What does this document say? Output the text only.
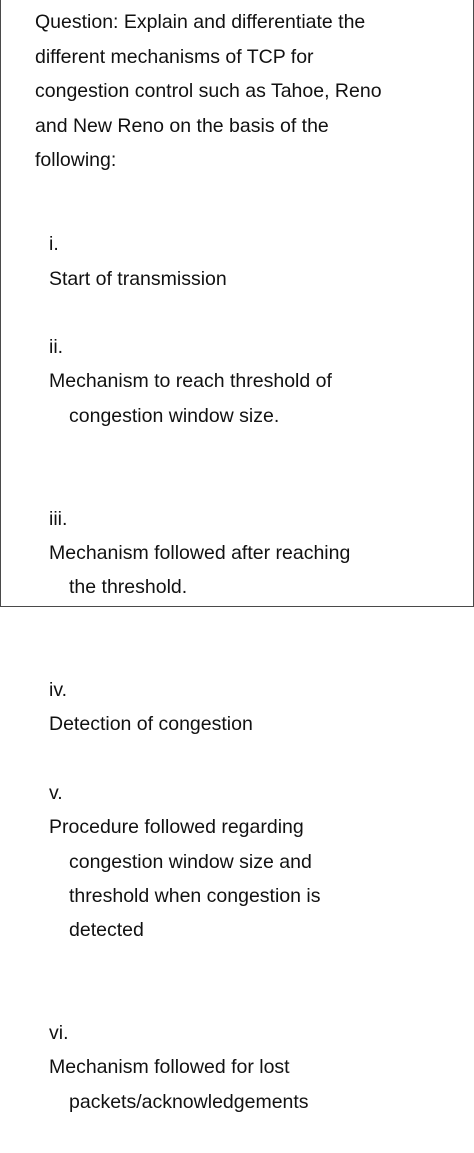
Question: Explain and differentiate the
different mechanisms of TCP for
congestion control such as Tahoe, Reno
and New Reno on the basis of the
following:

i.
Start of transmission

ii.
Mechanism to reach threshold of

congestion window size.

iii.
Mechanism followed after reaching

the threshold.

iv.
Detection of congestion

v.
Procedure followed regarding

congestion window size and
threshold when congestion is
detected

vi.
Mechanism followed for lost

packets/acknowledgements
